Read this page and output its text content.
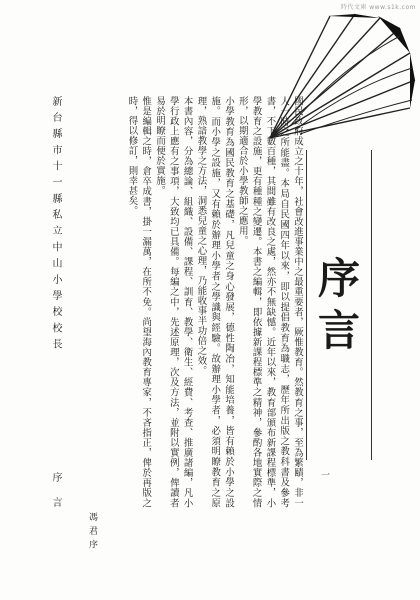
時代文庫 www.s1k.com
序
言

國民政府成立之十年，社會改進事業中之最重要者，厥惟教育。然教育之事，至為繁賾，非一人一時之所能盡。本局自民國四年以來，即以提倡教育為職志，歷年所出版之教科書及參考書，不下數百種，其間雖有改良之處，然亦不無缺憾。近年以來，教育部頒布新課程標準，小學教育之設施，更有種種之變遷。本書之編輯，即依據新課程標準之精神，參酌各地實際之情形，以期適合於小學教師之應用。

小學教育為國民教育之基礎，凡兒童之身心發展，德性陶冶，知能培養，皆有賴於小學之設施。而小學之設施，又有賴於辦理小學者之學識與經驗。故辦理小學者，必須明瞭教育之原理，熟諳教學之方法，洞悉兒童之心理，乃能收事半功倍之效。

本書內容，分為總論、組織、設備、課程、訓育、教學、衛生、經費、考查、推廣諸編，凡小學行政上應有之事項，大致均已具備。每編之中，先述原理，次及方法，並附以實例，俾讀者易於明瞭而便於實施。

惟是編輯之時，倉卒成書，掛一漏萬，在所不免。尚望海內教育專家，不吝指正，俾於再版之時，得以修訂，則幸甚矣。

馮 君 序
新 台 縣 市 十 一 縣 私 立 中 山 小 學 校 校 長
序 言	一
